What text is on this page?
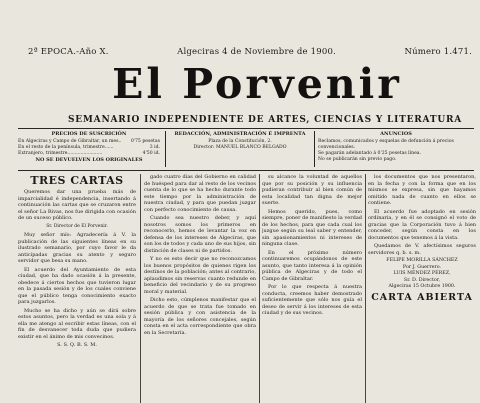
2ª EPOCA.-Año X.	Algeciras 4 de Noviembre de 1900.	Número 1.471.
El Porvenir
SEMANARIO INDEPENDIENTE DE ARTES, CIENCIAS Y LITERATURA
PRECIOS DE SUSCRICIÓN
En Algeciras y Campo de Gibraltar, un mes.. 0'75 pesetas
En el resto de la península, trimestre......	3 id.
Extranjero, trimestre........................	4'50 id.
NO SE DEVUELVEN LOS ORIGINALES
REDACCIÓN, ADMINISTRACIÓN É IMPRENTA
Plaza de la Constitución, 2.
Director: MANUEL BLANCO BELGADO
ANUNCIOS
Reclamos, comunicados y esquelas de defunción á precios
convencionales.
Se pagarán adelantado á 0'25 pesetas línea.
No se publicarán sin previo pago.
TRES CARTAS

Queremos dar una prueba más de imparcialidad é independencia, insertando á continuación las cartas que se cruzaron entre el señor La Rivas, nos fue dirigida con ocasión de un suceso público.

Sr. Director de El Porvenir.

Muy señor mío: Agradecería á V. la publicación de las siguientes líneas en su ilustrado semanario, por cuyo favor le da anticipadas gracias su atento y seguro servidor que besa su mano.

El acuerdo del Ayuntamiento de esta ciudad, que ha dado ocasión á la presente, obedece á ciertos hechos que tuvieron lugar en la pasada sesión y de los cuales conviene que el público tenga conocimiento exacto para juzgarlos.

Mucho se ha dicho y aún se dirá sobre estos asuntos, pero la verdad es una sola y á ella me atengo al escribir estas líneas, con el fin de desvanecer toda duda que pudiera existir en el ánimo de mis convecinos.

S. S. Q. B. S. M.

gado cuatro días del Gobierno en calidad de huésped para dar al resto de los vecinos cuenta de lo que se ha hecho durante todo este tiempo por la administración de nuestra ciudad, y para que puedan juzgar con perfecto conocimiento de causa.

Cuando sea nuestro deber, y aquí nosotros somos los primeros en reconocerlo, hemos de levantar la voz en defensa de los intereses de Algeciras, que son los de todos y cada uno de sus hijos, sin distinción de clases ni de partidos.

Y no es esto decir que no reconozcamos los buenos propósitos de quienes rigen los destinos de la población; antes al contrario, aplaudimos sin reservas cuanto redunde en beneficio del vecindario y de su progreso moral y material.

Dicho esto, cúmplenos manifestar que el acuerdo de que se trata fue tomado en sesión pública y con asistencia de la mayoría de los señores concejales, según consta en el acta correspondiente que obra en la Secretaría.

su alcance la voluntad de aquellos que por su posición y su influencia pudieran contribuir al bien común de esta localidad tan digna de mejor suerte.

Hemos querido, pues, como siempre, poner de manifiesto la verdad de los hechos, para que cada cual los juzgue según su leal saber y entender, sin apasionamientos ni intereses de ninguna clase.

En el próximo número continuaremos ocupándonos de este asunto, que tanto interesa á la opinión pública de Algeciras y de todo el Campo de Gibraltar.

Por lo que respecta á nuestra conducta, creemos haber demostrado suficientemente que sólo nos guía el deseo de servir á los intereses de esta ciudad y de sus vecinos.

los documentos que nos presentaron, en la fecha y con la forma que en los mismos se expresa, sin que hayamos omitido nada de cuanto en ellos se contiene.

El acuerdo fue adoptado en sesión ordinaria, y en él se consignó el voto de gracias que la Corporación tuvo á bien conceder, según consta en los documentos que tenemos á la vista.

Quedamos de V. afectísimos seguros servidores q. b. s. m.

FELIPE MORILLA SÁNCHEZ
Por J. Guerrero.
LUIS MÉNDEZ PÉREZ,
Sr. D. Director,
Algeciras 15 Octubre 1900.
CARTA ABIERTA
